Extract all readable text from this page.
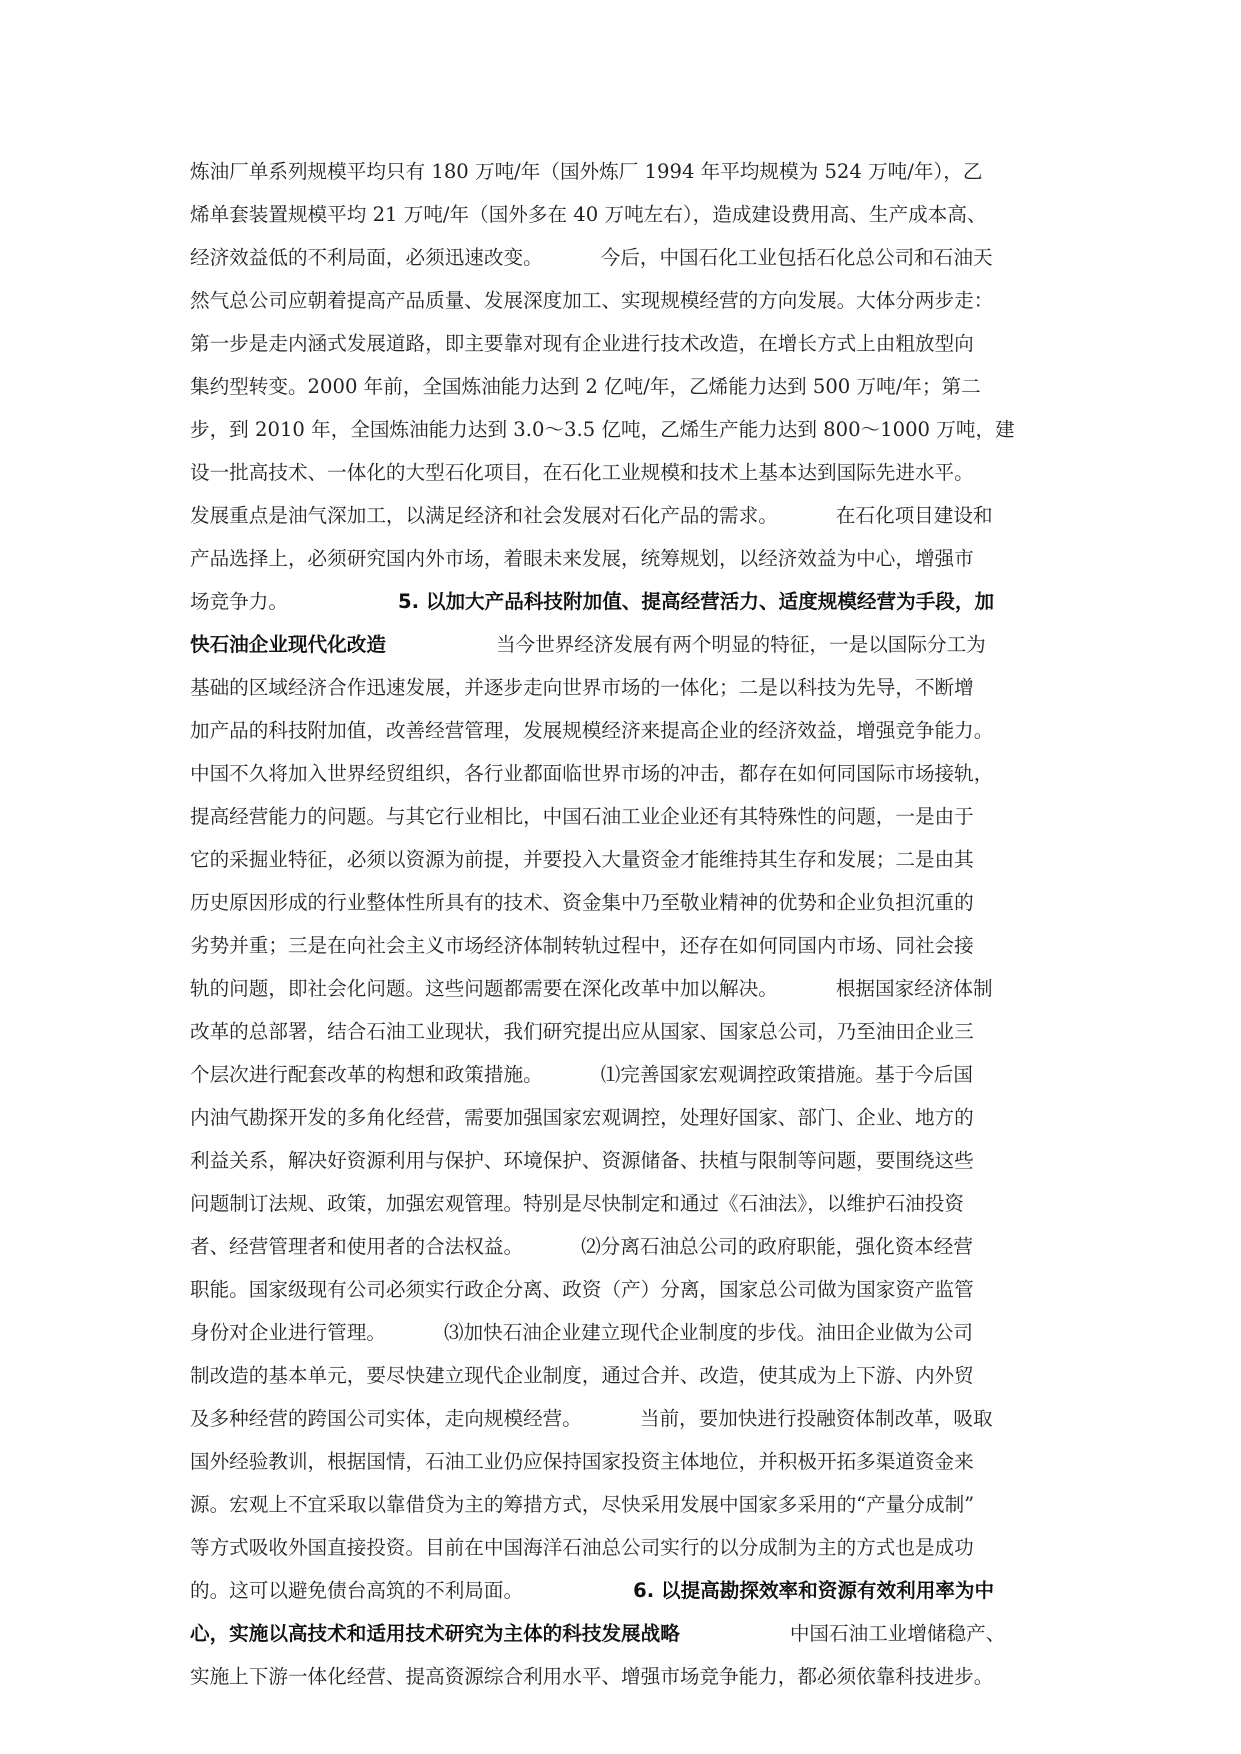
炼油厂单系列规模平均只有 180 万吨/年（国外炼厂 1994 年平均规模为 524 万吨/年），乙
烯单套装置规模平均 21 万吨/年（国外多在 40 万吨左右），造成建设费用高、生产成本高、
经济效益低的不利局面，必须迅速改变。	今后，中国石化工业包括石化总公司和石油天
然气总公司应朝着提高产品质量、发展深度加工、实现规模经营的方向发展。大体分两步走：
第一步是走内涵式发展道路，即主要靠对现有企业进行技术改造，在增长方式上由粗放型向
集约型转变。2000 年前，全国炼油能力达到 2 亿吨/年，乙烯能力达到 500 万吨/年；第二
步，到 2010 年，全国炼油能力达到 3.0～3.5 亿吨，乙烯生产能力达到 800～1000 万吨，建
设一批高技术、一体化的大型石化项目，在石化工业规模和技术上基本达到国际先进水平。
发展重点是油气深加工，以满足经济和社会发展对石化产品的需求。	在石化项目建设和
产品选择上，必须研究国内外市场，着眼未来发展，统筹规划，以经济效益为中心，增强市
场竞争力。	5. 以加大产品科技附加值、提高经营活力、适度规模经营为手段，加
快石油企业现代化改造	当今世界经济发展有两个明显的特征，一是以国际分工为
基础的区域经济合作迅速发展，并逐步走向世界市场的一体化；二是以科技为先导，不断增
加产品的科技附加值，改善经营管理，发展规模经济来提高企业的经济效益，增强竞争能力。
中国不久将加入世界经贸组织，各行业都面临世界市场的冲击，都存在如何同国际市场接轨，
提高经营能力的问题。与其它行业相比，中国石油工业企业还有其特殊性的问题，一是由于
它的采掘业特征，必须以资源为前提，并要投入大量资金才能维持其生存和发展；二是由其
历史原因形成的行业整体性所具有的技术、资金集中乃至敬业精神的优势和企业负担沉重的
劣势并重；三是在向社会主义市场经济体制转轨过程中，还存在如何同国内市场、同社会接
轨的问题，即社会化问题。这些问题都需要在深化改革中加以解决。	根据国家经济体制
改革的总部署，结合石油工业现状，我们研究提出应从国家、国家总公司，乃至油田企业三
个层次进行配套改革的构想和政策措施。	⑴完善国家宏观调控政策措施。基于今后国
内油气勘探开发的多角化经营，需要加强国家宏观调控，处理好国家、部门、企业、地方的
利益关系，解决好资源利用与保护、环境保护、资源储备、扶植与限制等问题，要围绕这些
问题制订法规、政策，加强宏观管理。特别是尽快制定和通过《石油法》，以维护石油投资
者、经营管理者和使用者的合法权益。	⑵分离石油总公司的政府职能，强化资本经营
职能。国家级现有公司必须实行政企分离、政资（产）分离，国家总公司做为国家资产监管
身份对企业进行管理。	⑶加快石油企业建立现代企业制度的步伐。油田企业做为公司
制改造的基本单元，要尽快建立现代企业制度，通过合并、改造，使其成为上下游、内外贸
及多种经营的跨国公司实体，走向规模经营。	当前，要加快进行投融资体制改革，吸取
国外经验教训，根据国情，石油工业仍应保持国家投资主体地位，并积极开拓多渠道资金来
源。宏观上不宜采取以靠借贷为主的筹措方式，尽快采用发展中国家多采用的“产量分成制”
等方式吸收外国直接投资。目前在中国海洋石油总公司实行的以分成制为主的方式也是成功
的。这可以避免债台高筑的不利局面。	6. 以提高勘探效率和资源有效利用率为中
心，实施以高技术和适用技术研究为主体的科技发展战略	中国石油工业增储稳产、
实施上下游一体化经营、提高资源综合利用水平、增强市场竞争能力，都必须依靠科技进步。
